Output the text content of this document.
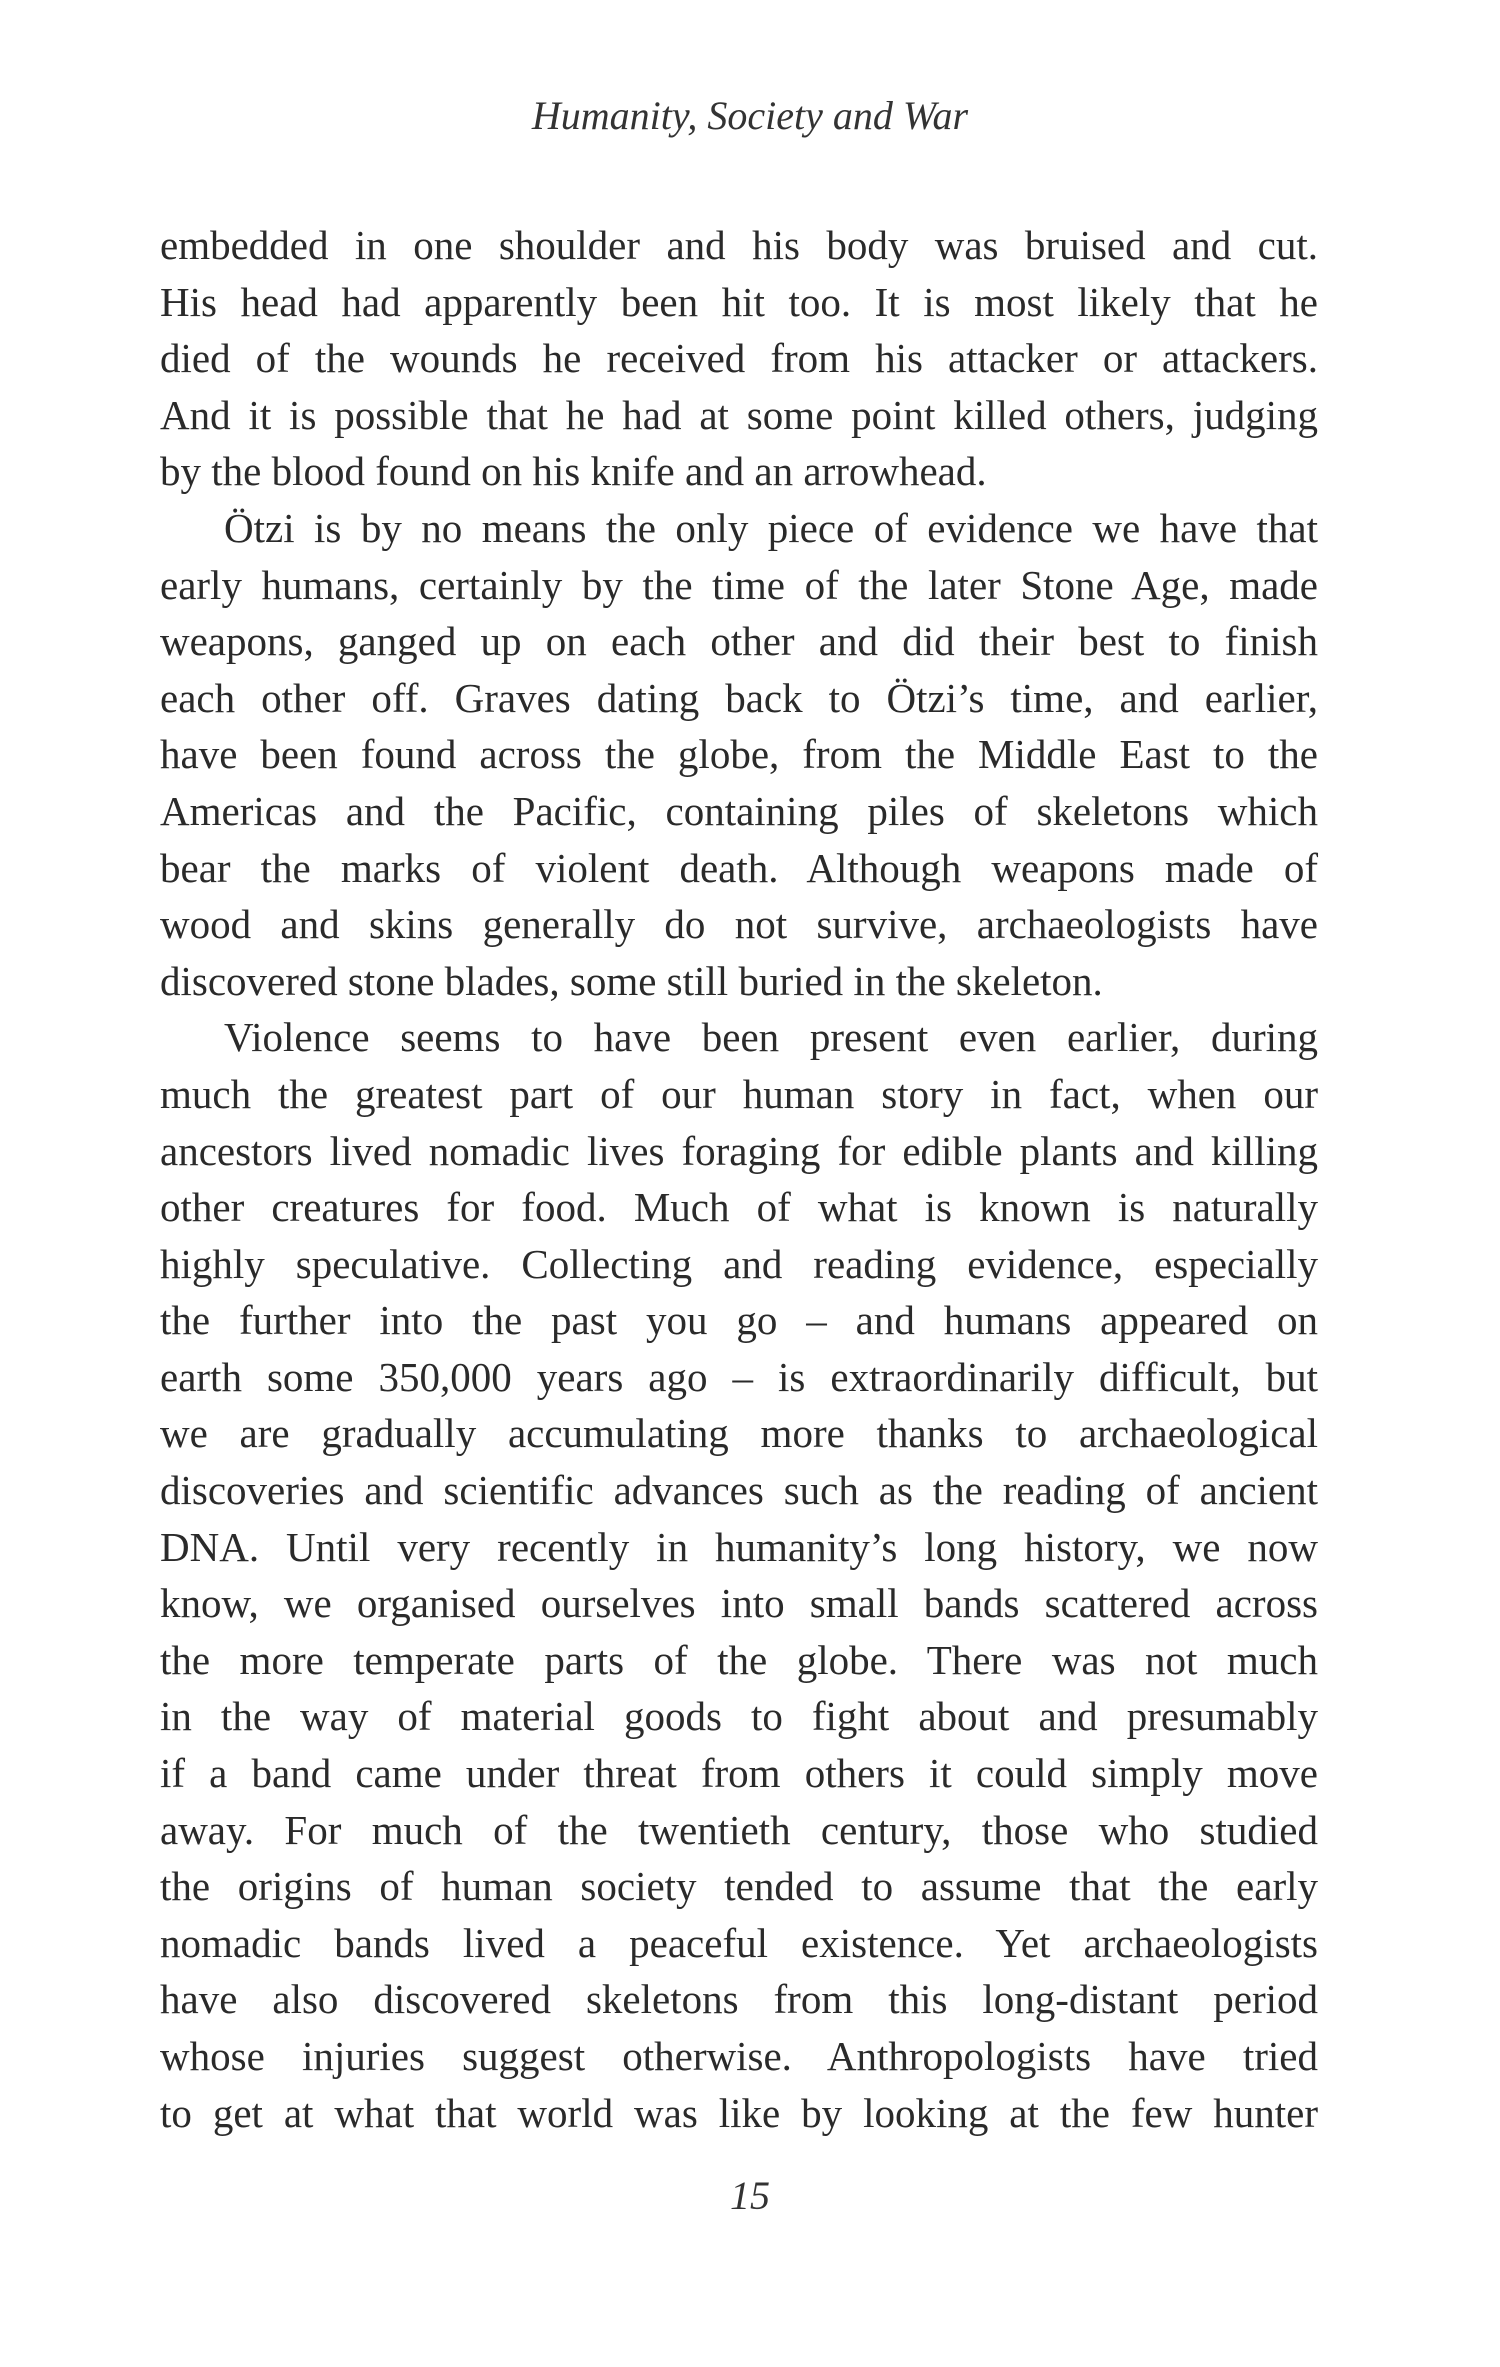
Humanity, Society and War
embedded in one shoulder and his body was bruised and cut.
His head had apparently been hit too. It is most likely that he
died of the wounds he received from his attacker or attackers.
And it is possible that he had at some point killed others, judging
by the blood found on his knife and an arrowhead.
Ötzi is by no means the only piece of evidence we have that
early humans, certainly by the time of the later Stone Age, made
weapons, ganged up on each other and did their best to finish
each other off. Graves dating back to Ötzi’s time, and earlier,
have been found across the globe, from the Middle East to the
Americas and the Pacific, containing piles of skeletons which
bear the marks of violent death. Although weapons made of
wood and skins generally do not survive, archaeologists have
discovered stone blades, some still buried in the skeleton.
Violence seems to have been present even earlier, during
much the greatest part of our human story in fact, when our
ancestors lived nomadic lives foraging for edible plants and killing
other creatures for food. Much of what is known is naturally
highly speculative. Collecting and reading evidence, especially
the further into the past you go – and humans appeared on
earth some 350,000 years ago – is extraordinarily difficult, but
we are gradually accumulating more thanks to archaeological
discoveries and scientific advances such as the reading of ancient
DNA. Until very recently in humanity’s long history, we now
know, we organised ourselves into small bands scattered across
the more temperate parts of the globe. There was not much
in the way of material goods to fight about and presumably
if a band came under threat from others it could simply move
away. For much of the twentieth century, those who studied
the origins of human society tended to assume that the early
nomadic bands lived a peaceful existence. Yet archaeologists
have also discovered skeletons from this long-distant period
whose injuries suggest otherwise. Anthropologists have tried
to get at what that world was like by looking at the few hunter
15
